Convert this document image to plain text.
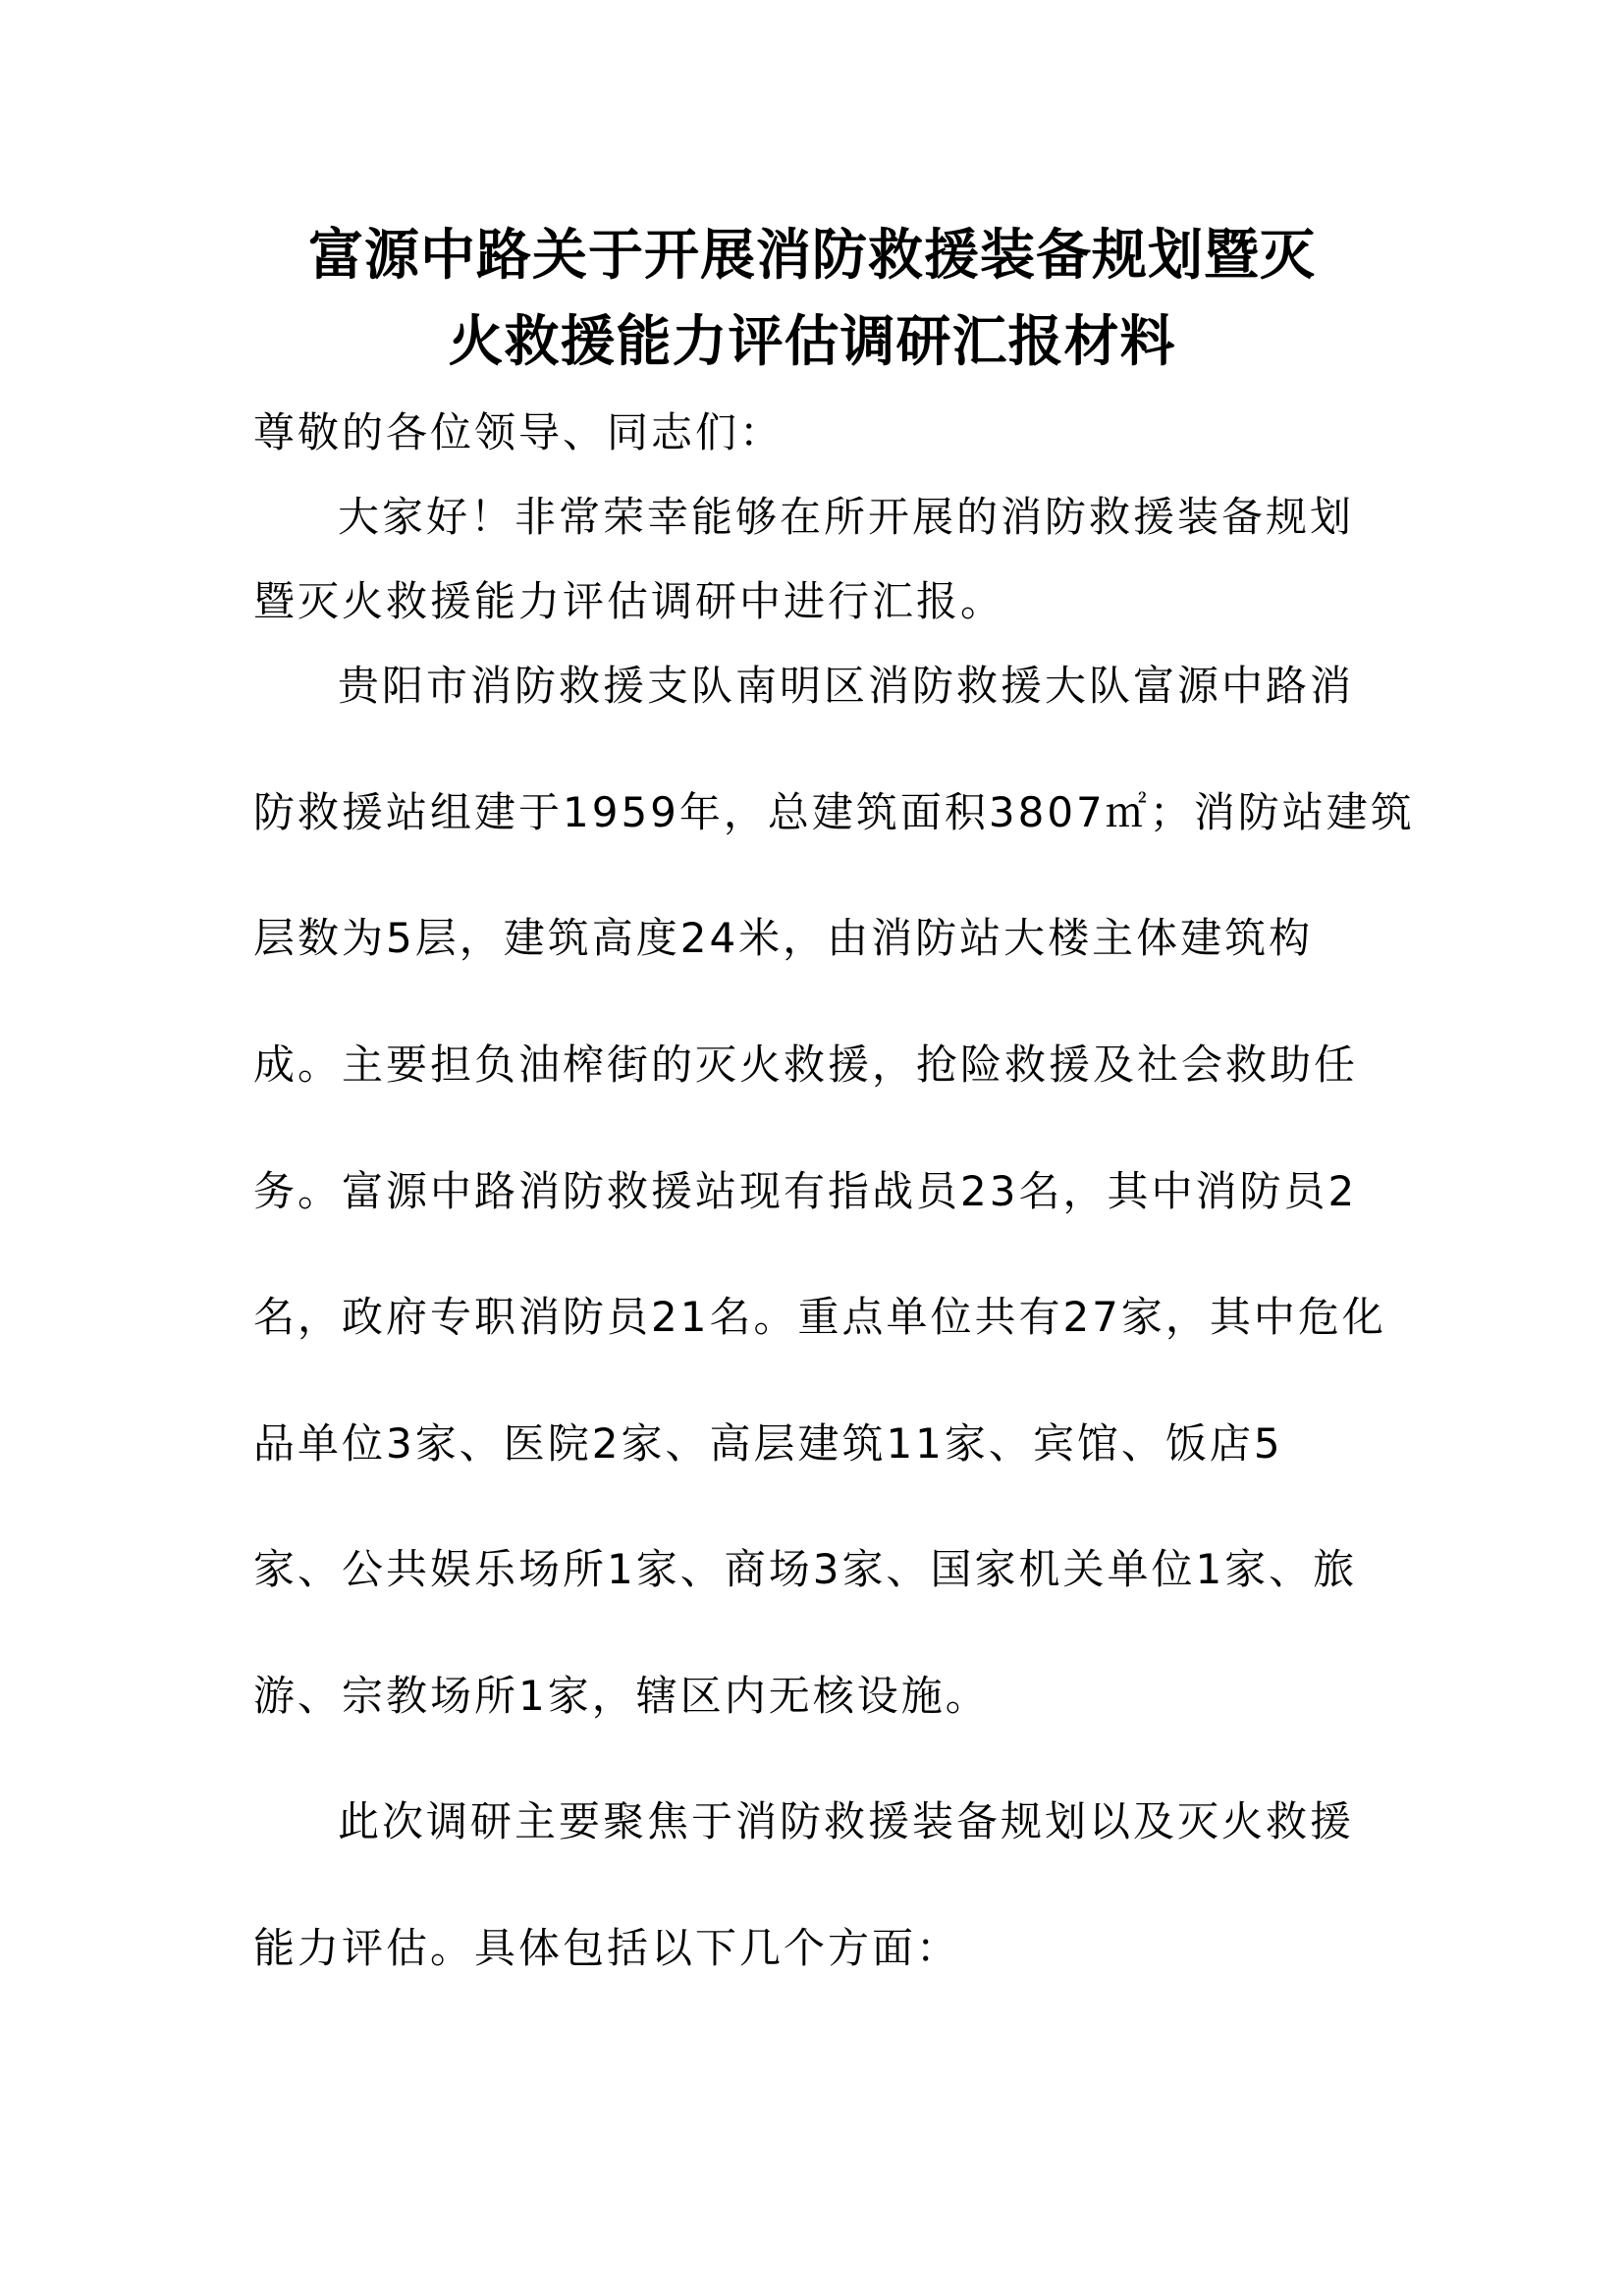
富源中路关于开展消防救援装备规划暨灭
火救援能力评估调研汇报材料
尊敬的各位领导、同志们：
大家好！非常荣幸能够在所开展的消防救援装备规划
暨灭火救援能力评估调研中进行汇报。
贵阳市消防救援支队南明区消防救援大队富源中路消
防救援站组建于1959年，总建筑面积3807㎡；消防站建筑
层数为5层，建筑高度24米，由消防站大楼主体建筑构
成。主要担负油榨街的灭火救援，抢险救援及社会救助任
务。富源中路消防救援站现有指战员23名，其中消防员2
名，政府专职消防员21名。重点单位共有27家，其中危化
品单位3家、医院2家、高层建筑11家、宾馆、饭店5
家、公共娱乐场所1家、商场3家、国家机关单位1家、旅
游、宗教场所1家，辖区内无核设施。
此次调研主要聚焦于消防救援装备规划以及灭火救援
能力评估。具体包括以下几个方面：
